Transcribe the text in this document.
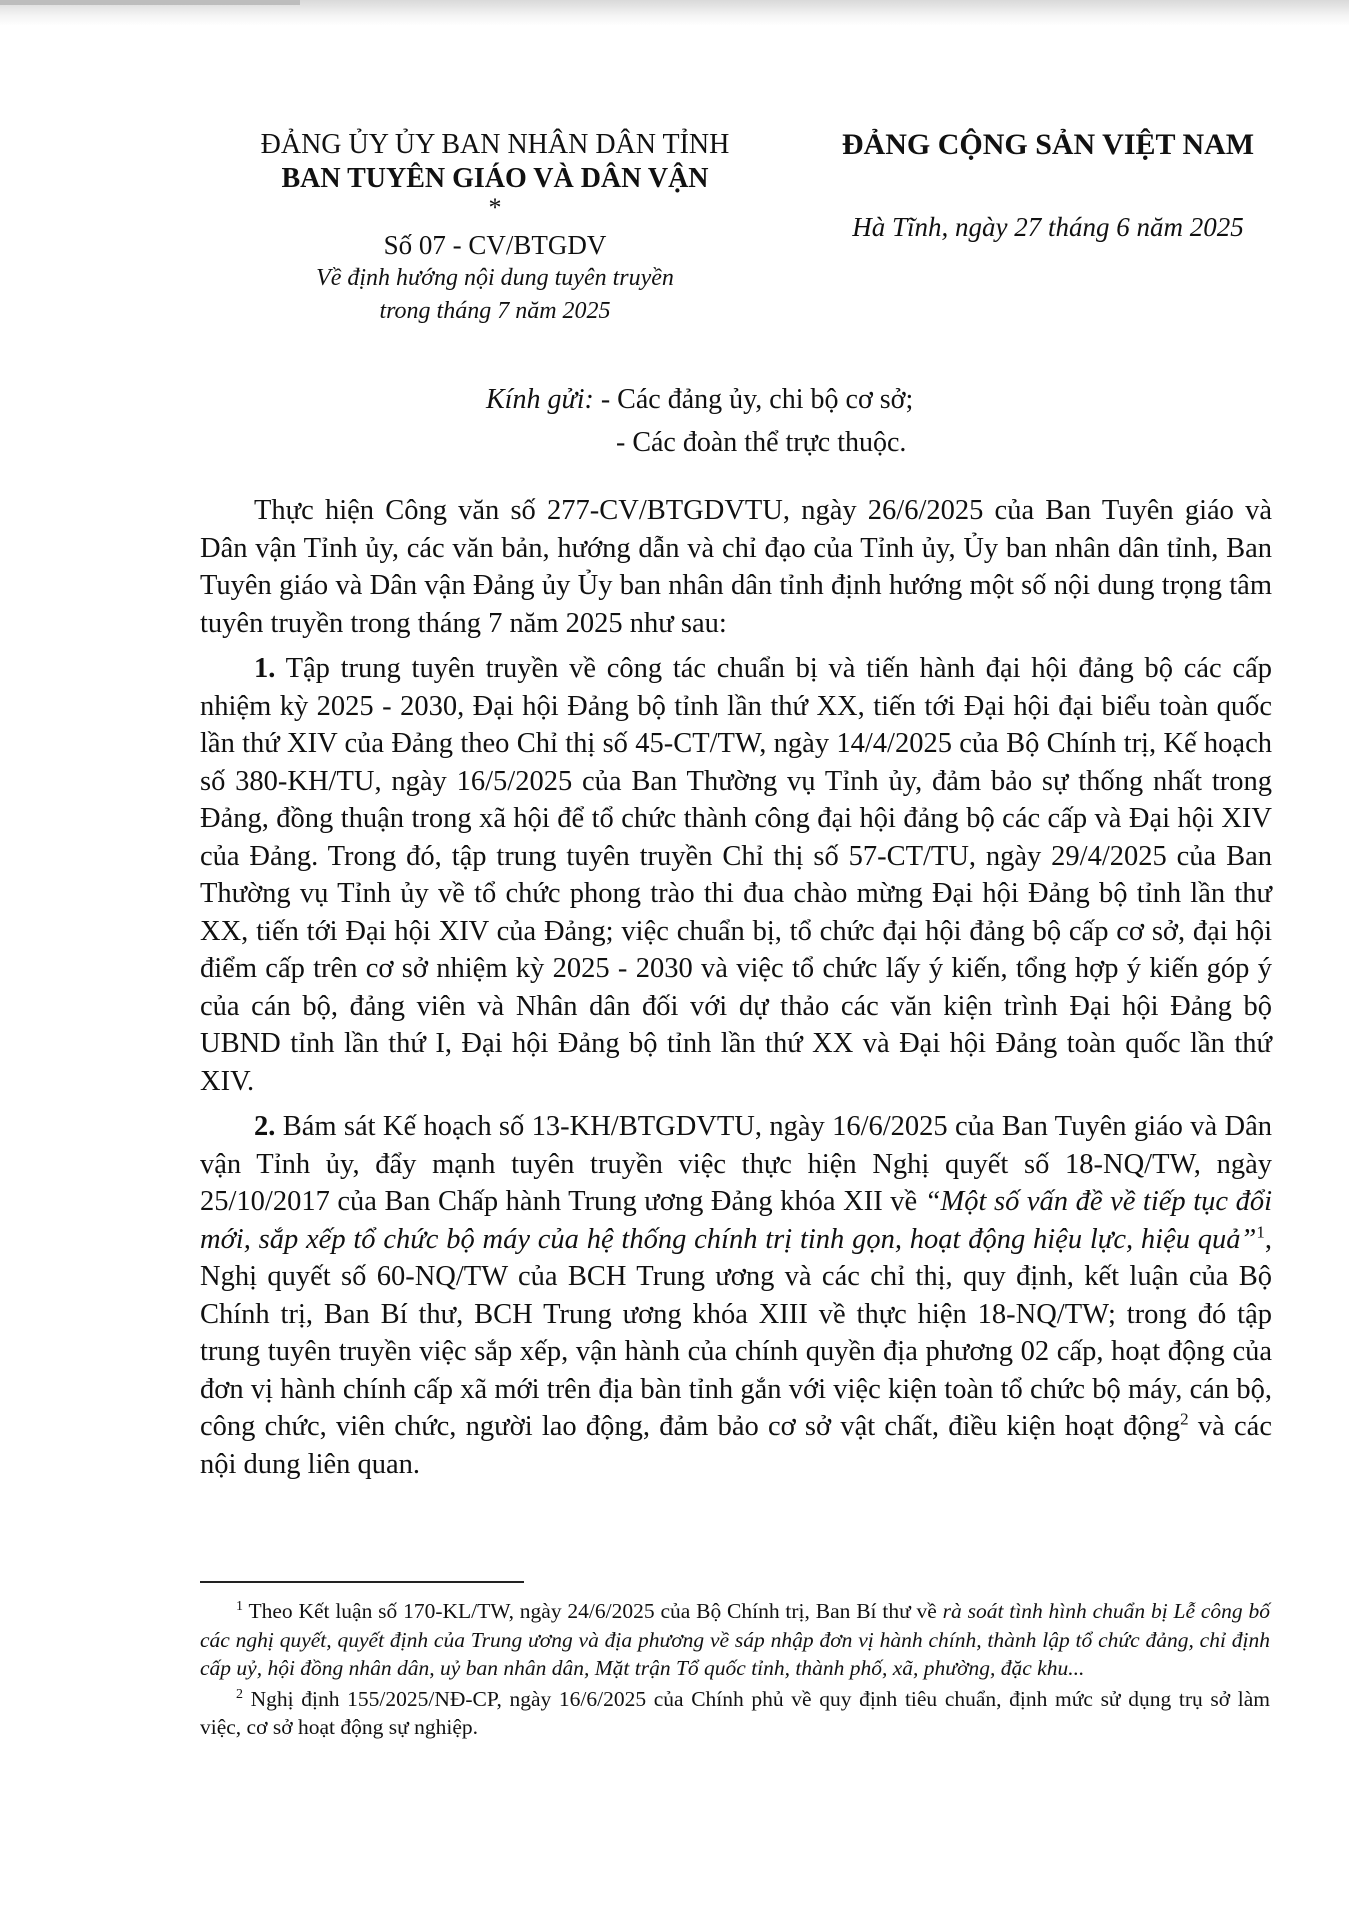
ĐẢNG ỦY ỦY BAN NHÂN DÂN TỈNH
BAN TUYÊN GIÁO VÀ DÂN VẬN
*
Số 07 - CV/BTGDV
Về định hướng nội dung tuyên truyền
trong tháng 7 năm 2025
ĐẢNG CỘNG SẢN VIỆT NAM
Hà Tĩnh, ngày 27 tháng 6 năm 2025
Kính gửi: - Các đảng ủy, chi bộ cơ sở;
- Các đoàn thể trực thuộc.

Thực hiện Công văn số 277-CV/BTGDVTU, ngày 26/6/2025 của Ban Tuyên giáo và Dân vận Tỉnh ủy, các văn bản, hướng dẫn và chỉ đạo của Tỉnh ủy, Ủy ban nhân dân tỉnh, Ban Tuyên giáo và Dân vận Đảng ủy Ủy ban nhân dân tỉnh định hướng một số nội dung trọng tâm tuyên truyền trong tháng 7 năm 2025 như sau:

1. Tập trung tuyên truyền về công tác chuẩn bị và tiến hành đại hội đảng bộ các cấp nhiệm kỳ 2025 - 2030, Đại hội Đảng bộ tỉnh lần thứ XX, tiến tới Đại hội đại biểu toàn quốc lần thứ XIV của Đảng theo Chỉ thị số 45-CT/TW, ngày 14/4/2025 của Bộ Chính trị, Kế hoạch số 380-KH/TU, ngày 16/5/2025 của Ban Thường vụ Tỉnh ủy, đảm bảo sự thống nhất trong Đảng, đồng thuận trong xã hội để tổ chức thành công đại hội đảng bộ các cấp và Đại hội XIV của Đảng. Trong đó, tập trung tuyên truyền Chỉ thị số 57-CT/TU, ngày 29/4/2025 của Ban Thường vụ Tỉnh ủy về tổ chức phong trào thi đua chào mừng Đại hội Đảng bộ tỉnh lần thư XX, tiến tới Đại hội XIV của Đảng; việc chuẩn bị, tổ chức đại hội đảng bộ cấp cơ sở, đại hội điểm cấp trên cơ sở nhiệm kỳ 2025 - 2030 và việc tổ chức lấy ý kiến, tổng hợp ý kiến góp ý của cán bộ, đảng viên và Nhân dân đối với dự thảo các văn kiện trình Đại hội Đảng bộ UBND tỉnh lần thứ I, Đại hội Đảng bộ tỉnh lần thứ XX và Đại hội Đảng toàn quốc lần thứ XIV.

2. Bám sát Kế hoạch số 13-KH/BTGDVTU, ngày 16/6/2025 của Ban Tuyên giáo và Dân vận Tỉnh ủy, đẩy mạnh tuyên truyền việc thực hiện Nghị quyết số 18-NQ/TW, ngày 25/10/2017 của Ban Chấp hành Trung ương Đảng khóa XII về “Một số vấn đề về tiếp tục đổi mới, sắp xếp tổ chức bộ máy của hệ thống chính trị tinh gọn, hoạt động hiệu lực, hiệu quả”$^1$, Nghị quyết số 60-NQ/TW của BCH Trung ương và các chỉ thị, quy định, kết luận của Bộ Chính trị, Ban Bí thư, BCH Trung ương khóa XIII về thực hiện 18-NQ/TW; trong đó tập trung tuyên truyền việc sắp xếp, vận hành của chính quyền địa phương 02 cấp, hoạt động của đơn vị hành chính cấp xã mới trên địa bàn tỉnh gắn với việc kiện toàn tổ chức bộ máy, cán bộ, công chức, viên chức, người lao động, đảm bảo cơ sở vật chất, điều kiện hoạt động$^2$ và các nội dung liên quan.

$^1$ Theo Kết luận số 170-KL/TW, ngày 24/6/2025 của Bộ Chính trị, Ban Bí thư về rà soát tình hình chuẩn bị Lễ công bố các nghị quyết, quyết định của Trung ương và địa phương về sáp nhập đơn vị hành chính, thành lập tổ chức đảng, chỉ định cấp uỷ, hội đồng nhân dân, uỷ ban nhân dân, Mặt trận Tổ quốc tỉnh, thành phố, xã, phường, đặc khu...

$^2$ Nghị định 155/2025/NĐ-CP, ngày 16/6/2025 của Chính phủ về quy định tiêu chuẩn, định mức sử dụng trụ sở làm việc, cơ sở hoạt động sự nghiệp.
